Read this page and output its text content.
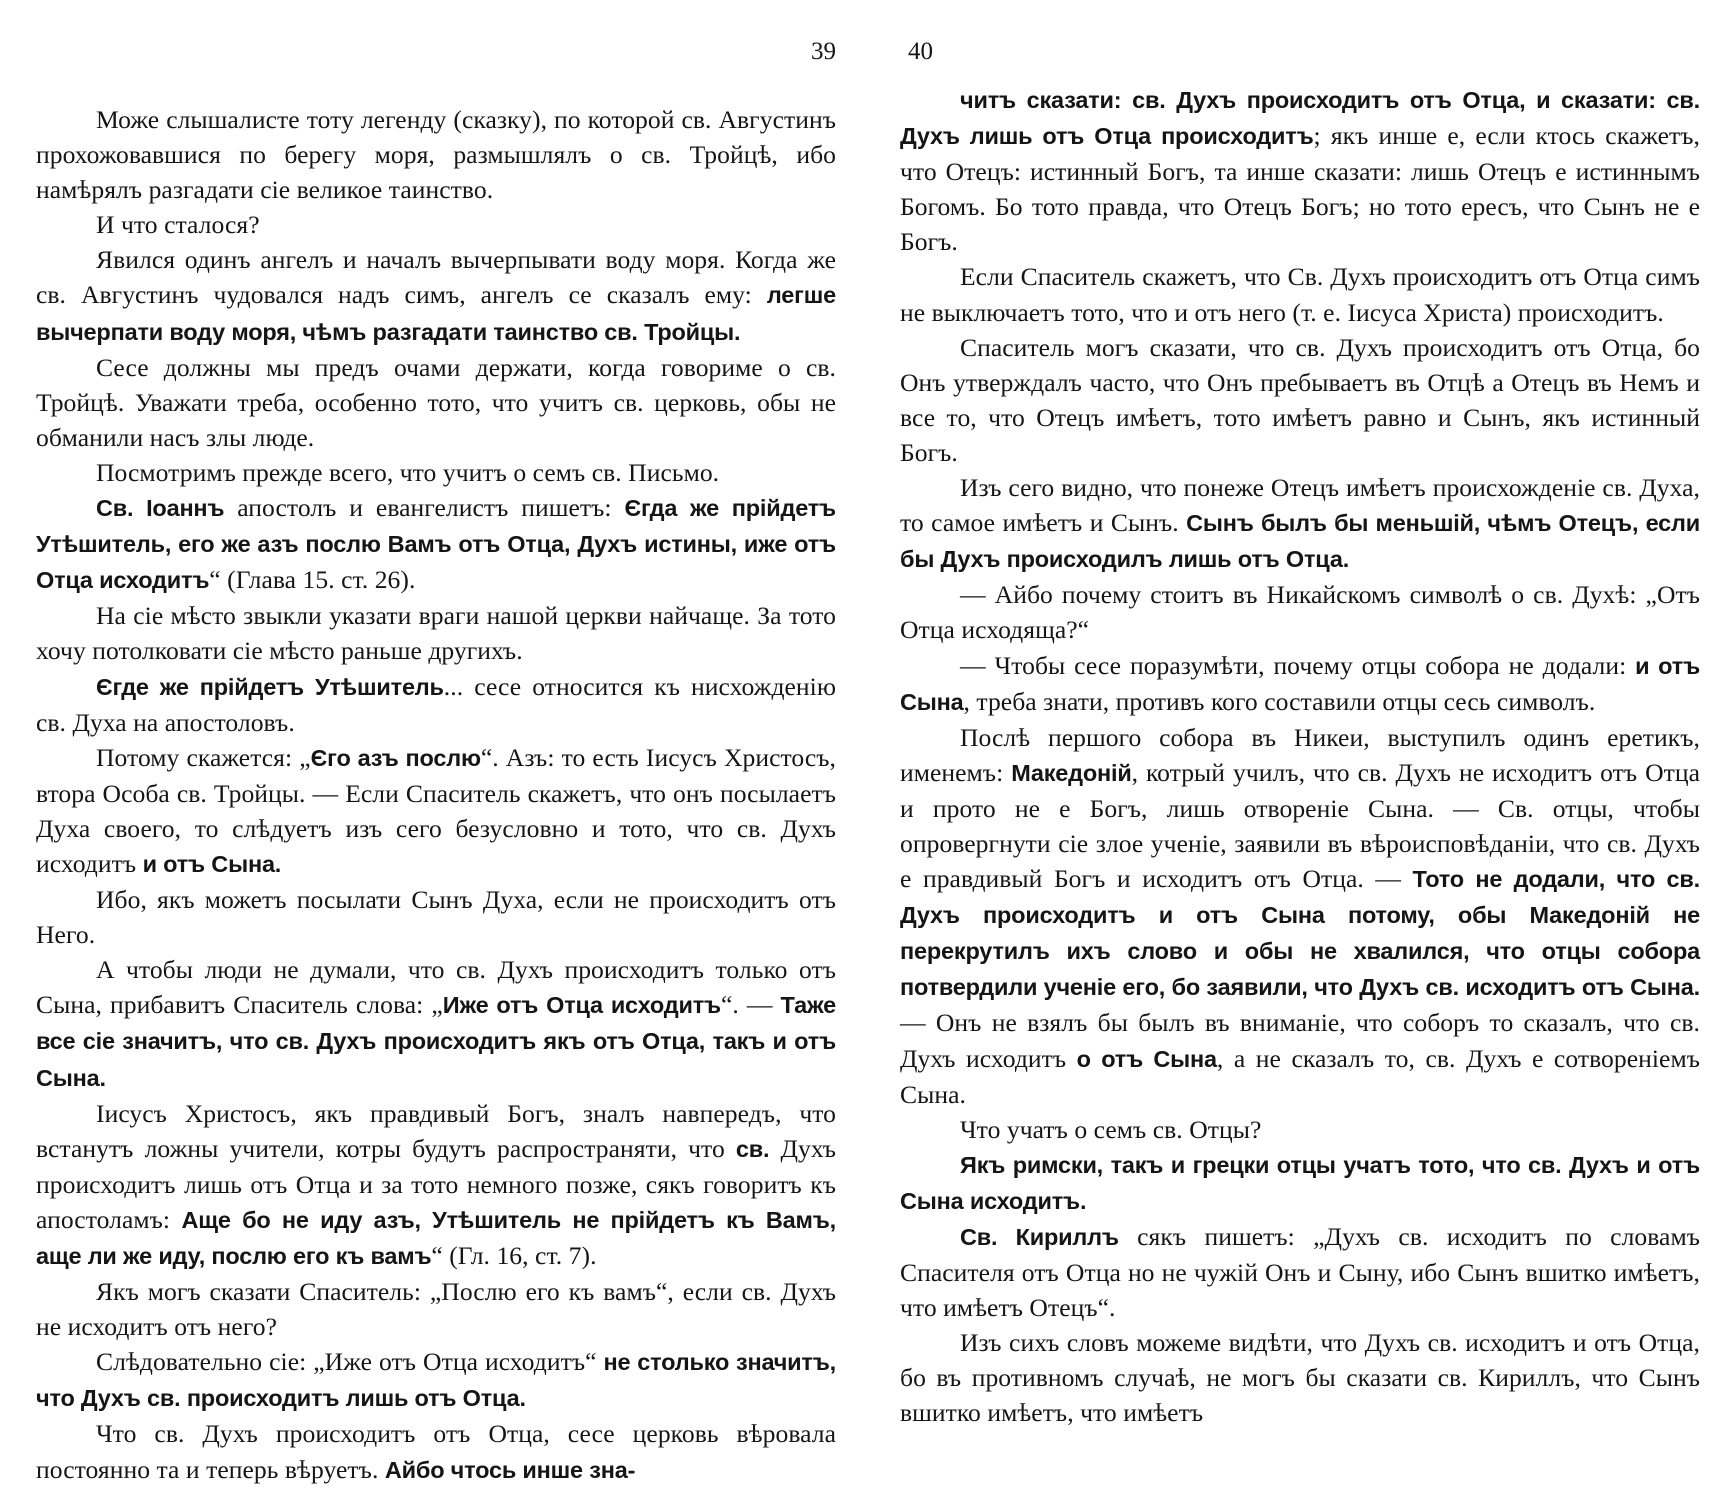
39

Може слышалисте тоту легенду (сказку), по которой св. Августинъ прохожовавшися по берегу моря, размышлялъ о св. Тройцѣ, ибо намѣрялъ разгадати сіе великое таинство.

И что сталося?

Явился одинъ ангелъ и началъ вычерпывати воду моря. Когда же св. Августинъ чудовался надъ симъ, ангелъ се сказалъ ему: легше вычерпати воду моря, чѣмъ разгадати таинство св. Тройцы.

Сесе должны мы предъ очами держати, когда говориме о св. Тройцѣ. Уважати треба, особенно тото, что учитъ св. церковь, обы не обманили насъ злы люде.

Посмотримъ прежде всего, что учитъ о семъ св. Письмо.

Св. Іоаннъ апостолъ и евангелистъ пишетъ: Єгда же прійдетъ Утѣшитель, его же азъ послю Вамъ отъ Отца, Духъ истины, иже отъ Отца исходитъ“ (Глава 15. ст. 26).

На сіе мѣсто звыкли указати враги нашой церкви найчаще. За тото хочу потолковати сіе мѣсто раньше другихъ.

Єгде же прійдетъ Утѣшитель... сесе относится къ нисхожденію св. Духа на апостоловъ.

Потому скажется: „Єго азъ послю“. Азъ: то есть Іисусъ Христосъ, втора Особа св. Тройцы. — Если Спаситель скажетъ, что онъ посылаетъ Духа своего, то слѣдуетъ изъ сего безусловно и тото, что св. Духъ исходитъ и отъ Сына.

Ибо, якъ можетъ посылати Сынъ Духа, если не происходитъ отъ Него.

А чтобы люди не думали, что св. Духъ происходитъ только отъ Сына, прибавитъ Спаситель слова: „Иже отъ Отца исходитъ“. — Таже все сіе значитъ, что св. Духъ происходитъ якъ отъ Отца, такъ и отъ Сына.

Іисусъ Христосъ, якъ правдивый Богъ, зналъ навпередъ, что встанутъ ложны учители, котры будутъ распространяти, что св. Духъ происходитъ лишь отъ Отца и за тото немного позже, сякъ говоритъ къ апостоламъ: Аще бо не иду азъ, Утѣшитель не прійдетъ къ Вамъ, аще ли же иду, послю его къ вамъ“ (Гл. 16, ст. 7).

Якъ могъ сказати Спаситель: „Послю его къ вамъ“, если св. Духъ не исходитъ отъ него?

Слѣдовательно сіе: „Иже отъ Отца исходитъ“ не столько значитъ, что Духъ св. происходитъ лишь отъ Отца.

Что св. Духъ происходитъ отъ Отца, сесе церковь вѣровала постоянно та и теперь вѣруетъ. Айбо чтось инше зна-

40

читъ сказати: св. Духъ происходитъ отъ Отца, и сказати: св. Духъ лишь отъ Отца происходитъ; якъ инше е, если ктось скажетъ, что Отецъ: истинный Богъ, та инше сказати: лишь Отецъ е истиннымъ Богомъ. Бо тото правда, что Отецъ Богъ; но тото ересъ, что Сынъ не е Богъ.

Если Спаситель скажетъ, что Св. Духъ происходитъ отъ Отца симъ не выключаетъ тото, что и отъ него (т. е. Іисуса Христа) происходитъ.

Спаситель могъ сказати, что св. Духъ происходитъ отъ Отца, бо Онъ утверждалъ часто, что Онъ пребываетъ въ Отцѣ а Отецъ въ Немъ и все то, что Отецъ имѣетъ, тото имѣетъ равно и Сынъ, якъ истинный Богъ.

Изъ сего видно, что понеже Отецъ имѣетъ происхожденіе св. Духа, то самое имѣетъ и Сынъ. Сынъ былъ бы меньшій, чѣмъ Отецъ, если бы Духъ происходилъ лишь отъ Отца.

— Айбо почему стоитъ въ Никайскомъ символѣ о св. Духѣ: „Отъ Отца исходяща?“

— Чтобы сесе поразумѣти, почему отцы собора не додали: и отъ Сына, треба знати, противъ кого составили отцы сесь символъ.

Послѣ першого собора въ Никеи, выступилъ одинъ еретикъ, именемъ: Македоній, котрый училъ, что св. Духъ не исходитъ отъ Отца и прото не е Богъ, лишь отвореніе Сына. — Св. отцы, чтобы опровергнути сіе злое ученіе, заявили въ вѣроисповѣданіи, что св. Духъ е правдивый Богъ и исходитъ отъ Отца. — Тото не додали, что св. Духъ происходитъ и отъ Сына потому, обы Македоній не перекрутилъ ихъ слово и обы не хвалился, что отцы собора потвердили ученіе его, бо заявили, что Духъ св. исходитъ отъ Сына. — Онъ не взялъ бы былъ въ вниманіе, что соборъ то сказалъ, что св. Духъ исходитъ о отъ Сына, а не сказалъ то, св. Духъ е сотвореніемъ Сына.

Что учатъ о семъ св. Отцы?

Якъ римски, такъ и грецки отцы учатъ тото, что св. Духъ и отъ Сына исходитъ.

Св. Кириллъ сякъ пишетъ: „Духъ св. исходитъ по словамъ Спасителя отъ Отца но не чужій Онъ и Сыну, ибо Сынъ вшитко имѣетъ, что имѣетъ Отецъ“.

Изъ сихъ словъ можеме видѣти, что Духъ св. исходитъ и отъ Отца, бо въ противномъ случаѣ, не могъ бы сказати св. Кириллъ, что Сынъ вшитко имѣетъ, что имѣетъ
